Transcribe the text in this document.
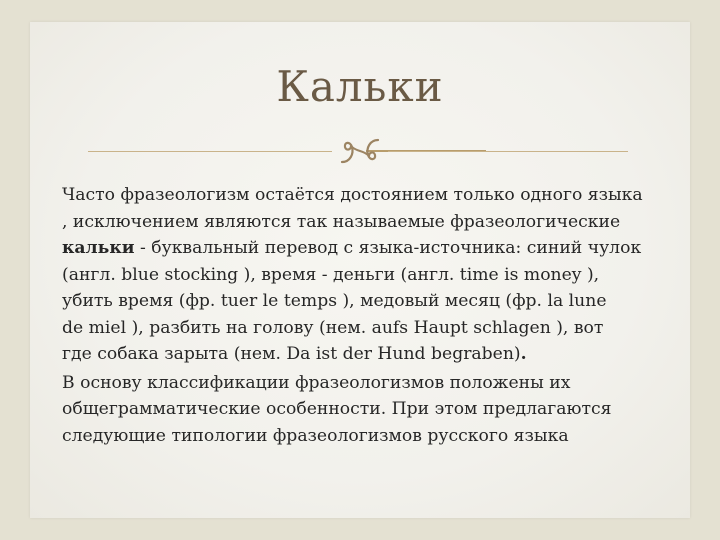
Кальки

Часто фразеологизм остаётся достоянием только одного языка
, исключением являются так называемые фразеологические
кальки - буквальный перевод с языка-источника: синий чулок
(англ. blue stocking ), время - деньги (англ. time is money ),
убить время (фр. tuer le temps ), медовый месяц (фр. la lune
de miel ), разбить на голову (нем. aufs Haupt schlagen ), вот
где собака зарыта (нем. Da ist der Hund begraben).

В основу классификации фразеологизмов положены их
общеграмматические особенности. При этом предлагаются
следующие типологии фразеологизмов русского языка
